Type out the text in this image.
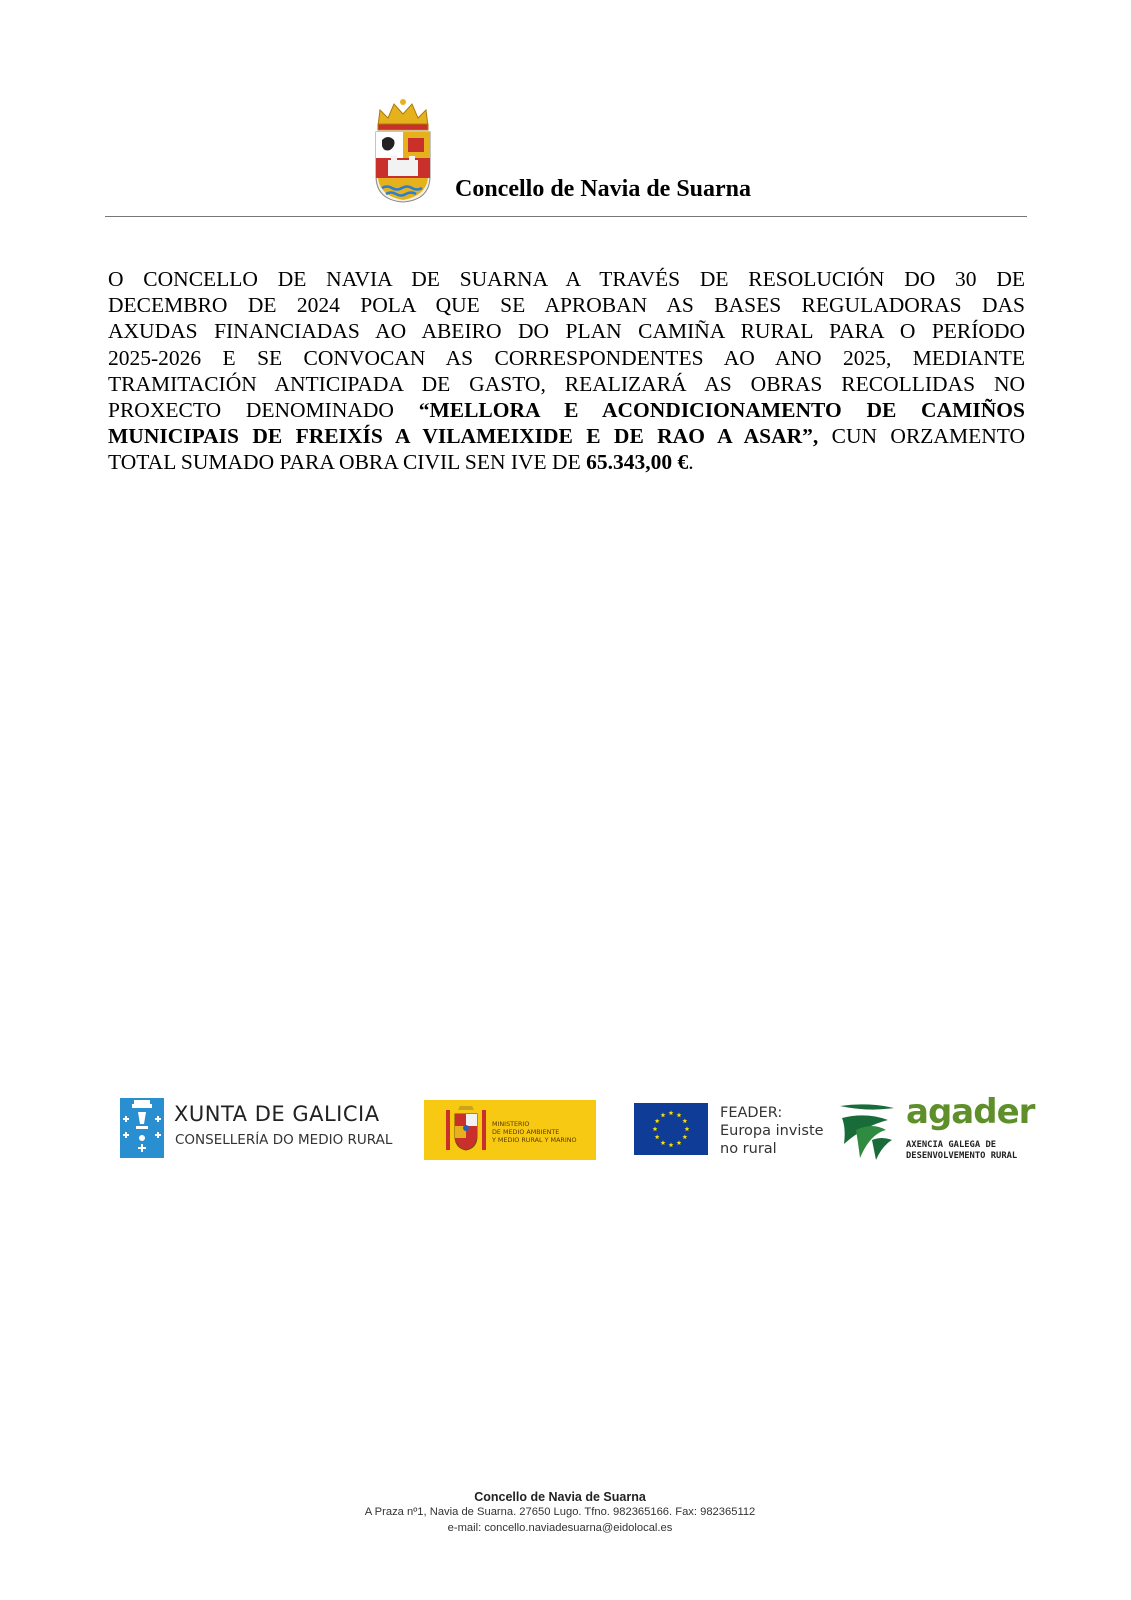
Concello de Navia de Suarna
O CONCELLO DE NAVIA DE SUARNA A TRAVÉS DE RESOLUCIÓN DO 30 DE
DECEMBRO DE 2024 POLA QUE SE APROBAN AS BASES REGULADORAS DAS
AXUDAS FINANCIADAS AO ABEIRO DO PLAN CAMIÑA RURAL PARA O PERÍODO
2025-2026 E SE CONVOCAN AS CORRESPONDENTES AO ANO 2025, MEDIANTE
TRAMITACIÓN ANTICIPADA DE GASTO, REALIZARÁ AS OBRAS RECOLLIDAS NO
PROXECTO DENOMINADO “MELLORA E ACONDICIONAMENTO DE CAMIÑOS
MUNICIPAIS DE FREIXÍS A VILAMEIXIDE E DE RAO A ASAR”, CUN ORZAMENTO
TOTAL SUMADO PARA OBRA CIVIL SEN IVE DE 65.343,00 €.
XUNTA DE GALICIA
CONSELLERÍA DO MEDIO RURAL
MINISTERIO
DE MEDIO AMBIENTE
Y MEDIO RURAL Y MARINO
FEADER:
Europa inviste
no rural
agader
AXENCIA GALEGA DE
DESENVOLVEMENTO RURAL
Concello de Navia de Suarna
A Praza nº1, Navia de Suarna. 27650 Lugo. Tfno. 982365166. Fax: 982365112
e-mail: concello.naviadesuarna@eidolocal.es
